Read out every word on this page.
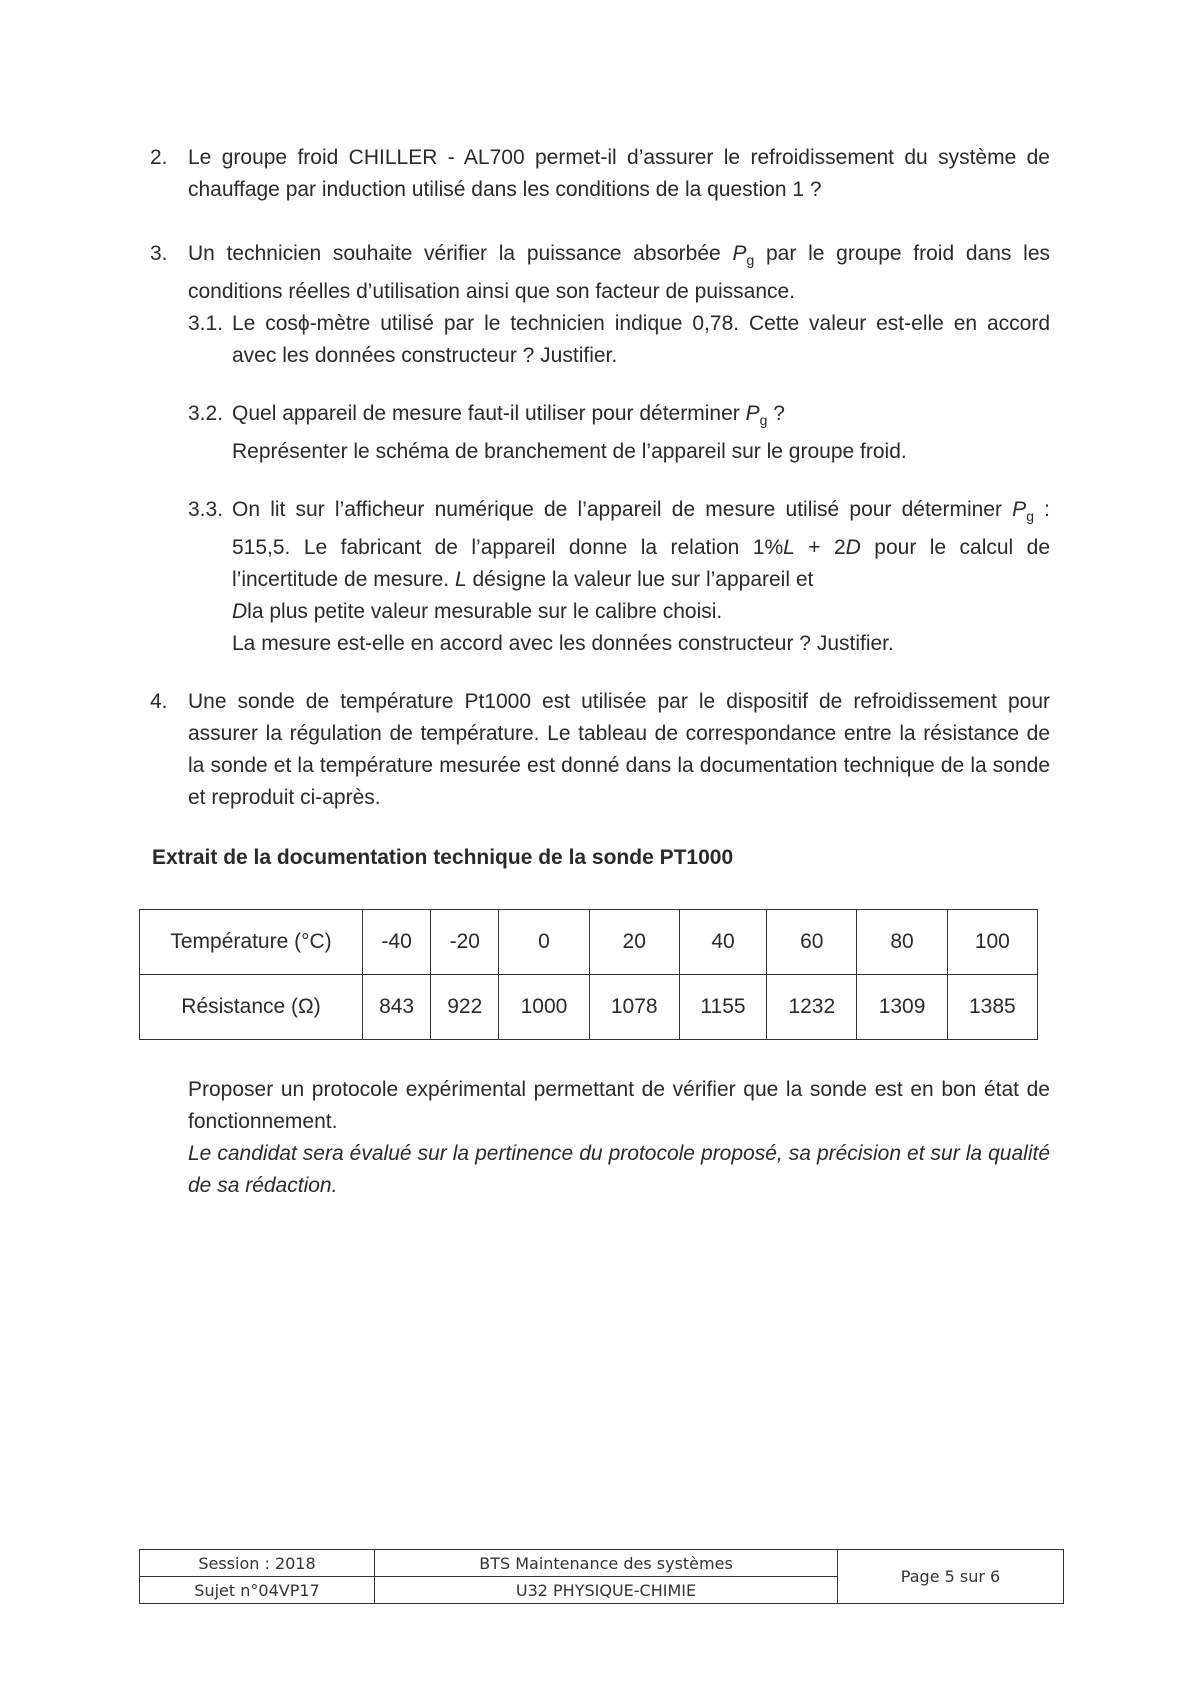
2. Le groupe froid CHILLER - AL700 permet-il d’assurer le refroidissement du système de chauffage par induction utilisé dans les conditions de la question 1 ?
3. Un technicien souhaite vérifier la puissance absorbée $P_g$ par le groupe froid dans les conditions réelles d’utilisation ainsi que son facteur de puissance.
3.1. Le cosϕ-mètre utilisé par le technicien indique 0,78. Cette valeur est-elle en accord avec les données constructeur ? Justifier.
3.2. Quel appareil de mesure faut-il utiliser pour déterminer $P_g$ ?
Représenter le schéma de branchement de l’appareil sur le groupe froid.
3.3. On lit sur l’afficheur numérique de l’appareil de mesure utilisé pour déterminer $P_g$ : 515,5. Le fabricant de l’appareil donne la relation 1%L + 2D pour le calcul de l’incertitude de mesure. L désigne la valeur lue sur l’appareil et
Dla plus petite valeur mesurable sur le calibre choisi.
La mesure est-elle en accord avec les données constructeur ? Justifier.
4. Une sonde de température Pt1000 est utilisée par le dispositif de refroidissement pour assurer la régulation de température. Le tableau de correspondance entre la résistance de la sonde et la température mesurée est donné dans la documentation technique de la sonde et reproduit ci-après.
Extrait de la documentation technique de la sonde PT1000
Température (°C)	-40	-20	0	20	40	60	80	100
Résistance (Ω)	843	922	1000	1078	1155	1232	1309	1385
Proposer un protocole expérimental permettant de vérifier que la sonde est en bon état de fonctionnement.
Le candidat sera évalué sur la pertinence du protocole proposé, sa précision et sur la qualité de sa rédaction.
Session : 2018	BTS Maintenance des systèmes	Page 5 sur 6
Sujet n°04VP17	U32 PHYSIQUE-CHIMIE	
